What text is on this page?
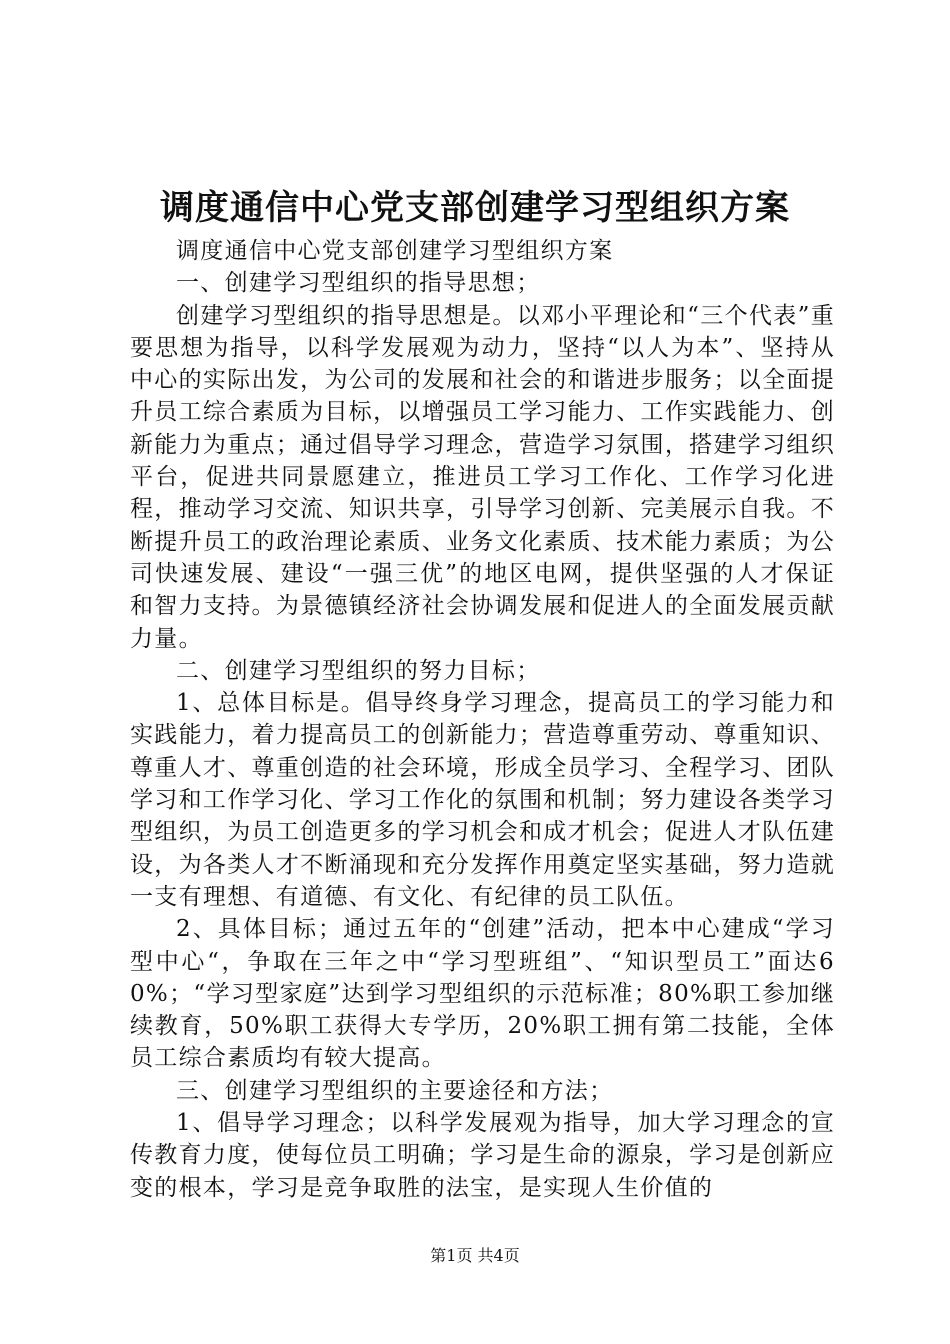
调度通信中心党支部创建学习型组织方案

调度通信中心党支部创建学习型组织方案

一、创建学习型组织的指导思想；

创建学习型组织的指导思想是。以邓小平理论和“三个代表”重要思想为指导，以科学发展观为动力，坚持“以人为本”、坚持从中心的实际出发，为公司的发展和社会的和谐进步服务；以全面提升员工综合素质为目标，以增强员工学习能力、工作实践能力、创新能力为重点；通过倡导学习理念，营造学习氛围，搭建学习组织平台，促进共同景愿建立，推进员工学习工作化、工作学习化进程，推动学习交流、知识共享，引导学习创新、完美展示自我。不断提升员工的政治理论素质、业务文化素质、技术能力素质；为公司快速发展、建设“一强三优”的地区电网，提供坚强的人才保证和智力支持。为景德镇经济社会协调发展和促进人的全面发展贡献力量。

二、创建学习型组织的努力目标；

1、总体目标是。倡导终身学习理念，提高员工的学习能力和实践能力，着力提高员工的创新能力；营造尊重劳动、尊重知识、尊重人才、尊重创造的社会环境，形成全员学习、全程学习、团队学习和工作学习化、学习工作化的氛围和机制；努力建设各类学习型组织，为员工创造更多的学习机会和成才机会；促进人才队伍建设，为各类人才不断涌现和充分发挥作用奠定坚实基础，努力造就一支有理想、有道德、有文化、有纪律的员工队伍。

2、具体目标；通过五年的“创建”活动，把本中心建成“学习型中心“，争取在三年之中“学习型班组”、“知识型员工”面达60%；“学习型家庭”达到学习型组织的示范标准；80%职工参加继续教育，50%职工获得大专学历，20%职工拥有第二技能，全体员工综合素质均有较大提高。

三、创建学习型组织的主要途径和方法；

1、倡导学习理念；以科学发展观为指导，加大学习理念的宣传教育力度，使每位员工明确；学习是生命的源泉，学习是创新应变的根本，学习是竞争取胜的法宝，是实现人生价值的

第1页 共4页
